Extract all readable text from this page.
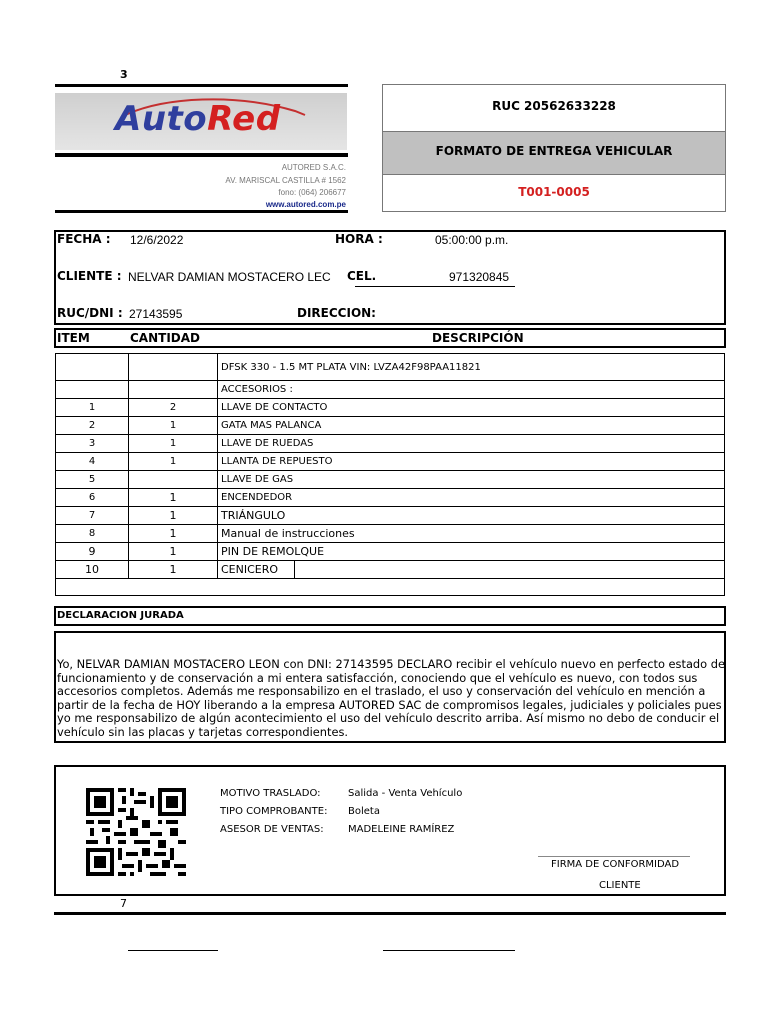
3
AutoRed
AUTORED S.A.C.
AV. MARISCAL CASTILLA # 1562
fono: (064) 206677
www.autored.com.pe
RUC 20562633228
FORMATO DE ENTREGA VEHICULAR
T001-0005
FECHA : 12/6/2022	HORA :	05:00:00 p.m.
CLIENTE : NELVAR DAMIAN MOSTACERO LEC CEL.	971320845
RUC/DNI : 27143595	DIRECCION:
ITEM	CANTIDAD	DESCRIPCIÓN
		DFSK 330 - 1.5 MT PLATA VIN: LVZA42F98PAA11821	
		ACCESORIOS :	
1	2	LLAVE DE CONTACTO	
2	1	GATA MAS PALANCA	
3	1	LLAVE DE RUEDAS	
4	1	LLANTA DE REPUESTO	
5		LLAVE DE GAS	
6	1	ENCENDEDOR	
7	1	TRIÁNGULO	
8	1	Manual de instrucciones	
9	1	PIN DE REMOLQUE	
10	1	CENICERO	

DECLARACION JURADA
Yo, NELVAR DAMIAN MOSTACERO LEON con DNI: 27143595 DECLARO recibir el vehículo nuevo en perfecto estado de funcionamiento y de conservación a mi entera satisfacción, conociendo que el vehículo es nuevo, con todos sus accesorios completos. Además me responsabilizo en el traslado, el uso y conservación del vehículo en mención a partir de la fecha de HOY liberando a la empresa AUTORED SAC de compromisos legales, judiciales y policiales pues yo me responsabilizo de algún acontecimiento el uso del vehículo descrito arriba. Así mismo no debo de conducir el vehículo sin las placas y tarjetas correspondientes.
MOTIVO TRASLADO:	Salida - Venta Vehículo
TIPO COMPROBANTE: Boleta
ASESOR DE VENTAS: MADELEINE RAMÍREZ
FIRMA DE CONFORMIDAD
CLIENTE
7
